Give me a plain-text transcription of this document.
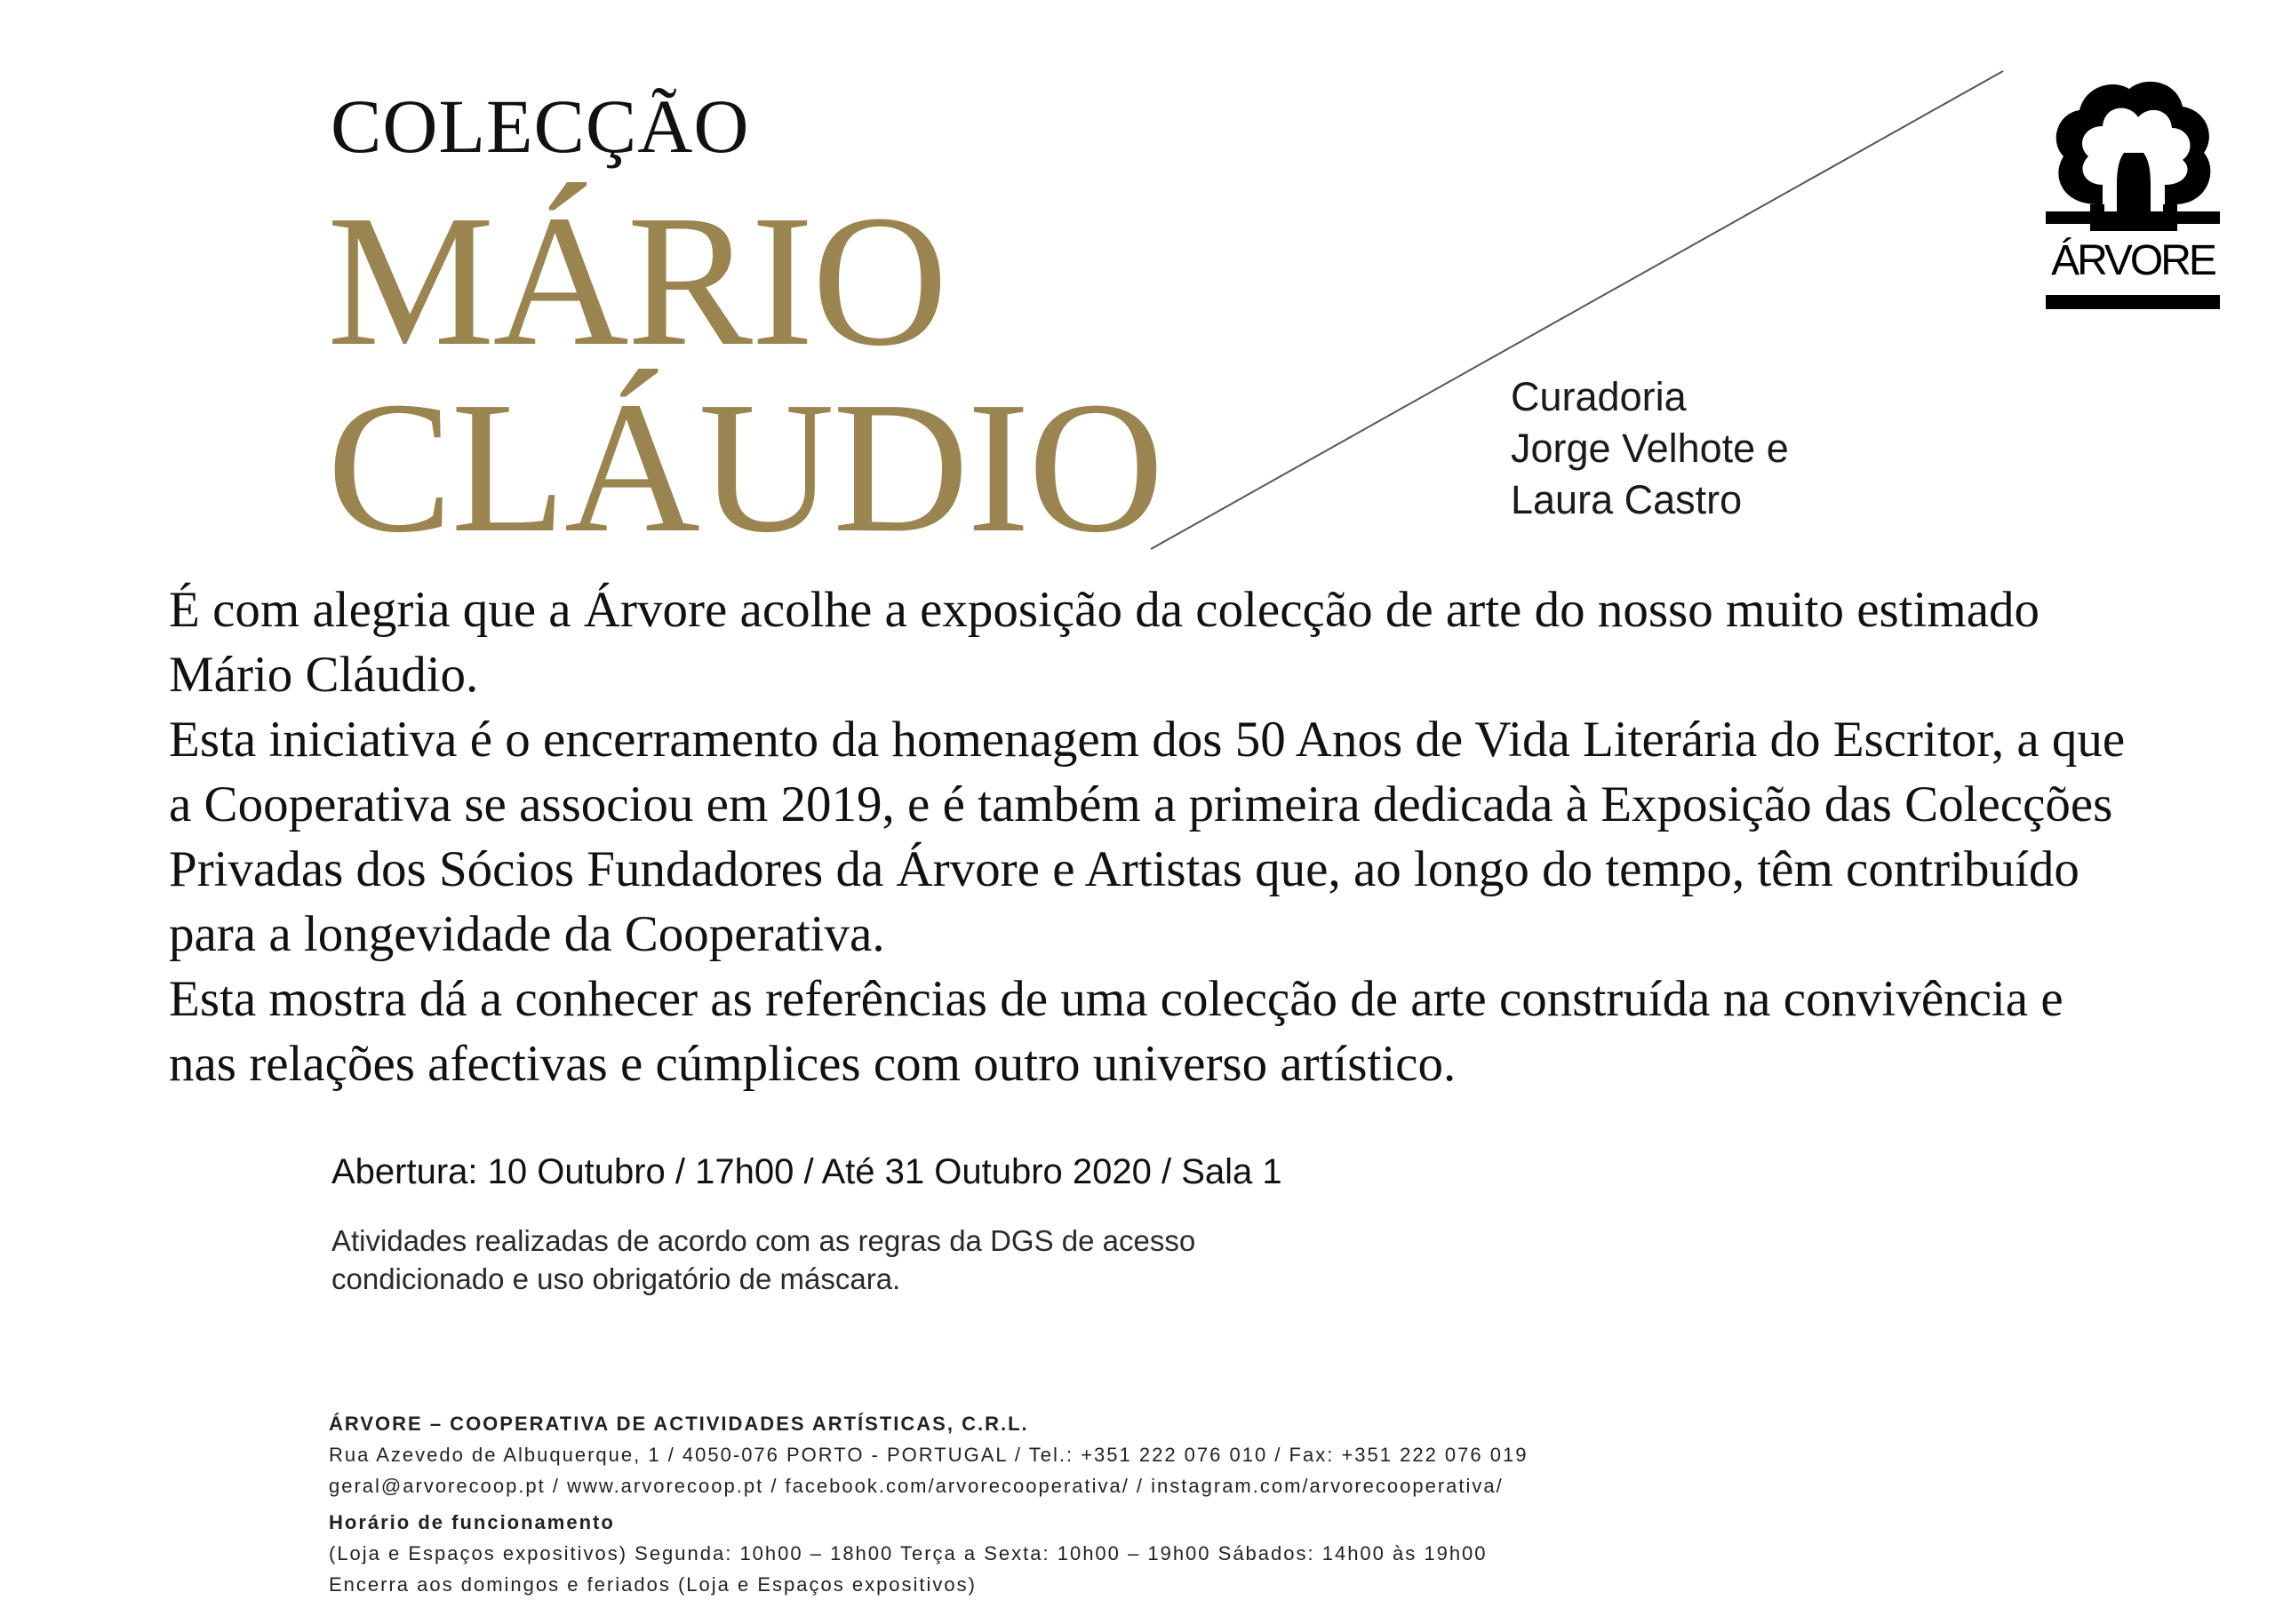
COLECÇÃO
MÁRIO
CLÁUDIO	Curadoria
Jorge Velhote e
Laura Castro
ÁRVORE

É com alegria que a Árvore acolhe a exposição da colecção de arte do nosso muito estimado Mário Cláudio.

Esta iniciativa é o encerramento da homenagem dos 50 Anos de Vida Literária do Escritor, a que a Cooperativa se associou em 2019, e é também a primeira dedicada à Exposição das Colecções Privadas dos Sócios Fundadores da Árvore e Artistas que, ao longo do tempo, têm contribuído para a longevidade da Cooperativa.

Esta mostra dá a conhecer as referências de uma colecção de arte construída na convivência e nas relações afectivas e cúmplices com outro universo artístico.

Abertura: 10 Outubro / 17h00 / Até 31 Outubro 2020 / Sala 1
Atividades realizadas de acordo com as regras da DGS de acesso
condicionado e uso obrigatório de máscara.
ÁRVORE – COOPERATIVA DE ACTIVIDADES ARTÍSTICAS, C.R.L.
Rua Azevedo de Albuquerque, 1 / 4050-076 PORTO - PORTUGAL / Tel.: +351 222 076 010 / Fax: +351 222 076 019
geral@arvorecoop.pt / www.arvorecoop.pt / facebook.com/arvorecooperativa/ / instagram.com/arvorecooperativa/
Horário de funcionamento
(Loja e Espaços expositivos) Segunda: 10h00 – 18h00 Terça a Sexta: 10h00 – 19h00 Sábados: 14h00 às 19h00
Encerra aos domingos e feriados (Loja e Espaços expositivos)
